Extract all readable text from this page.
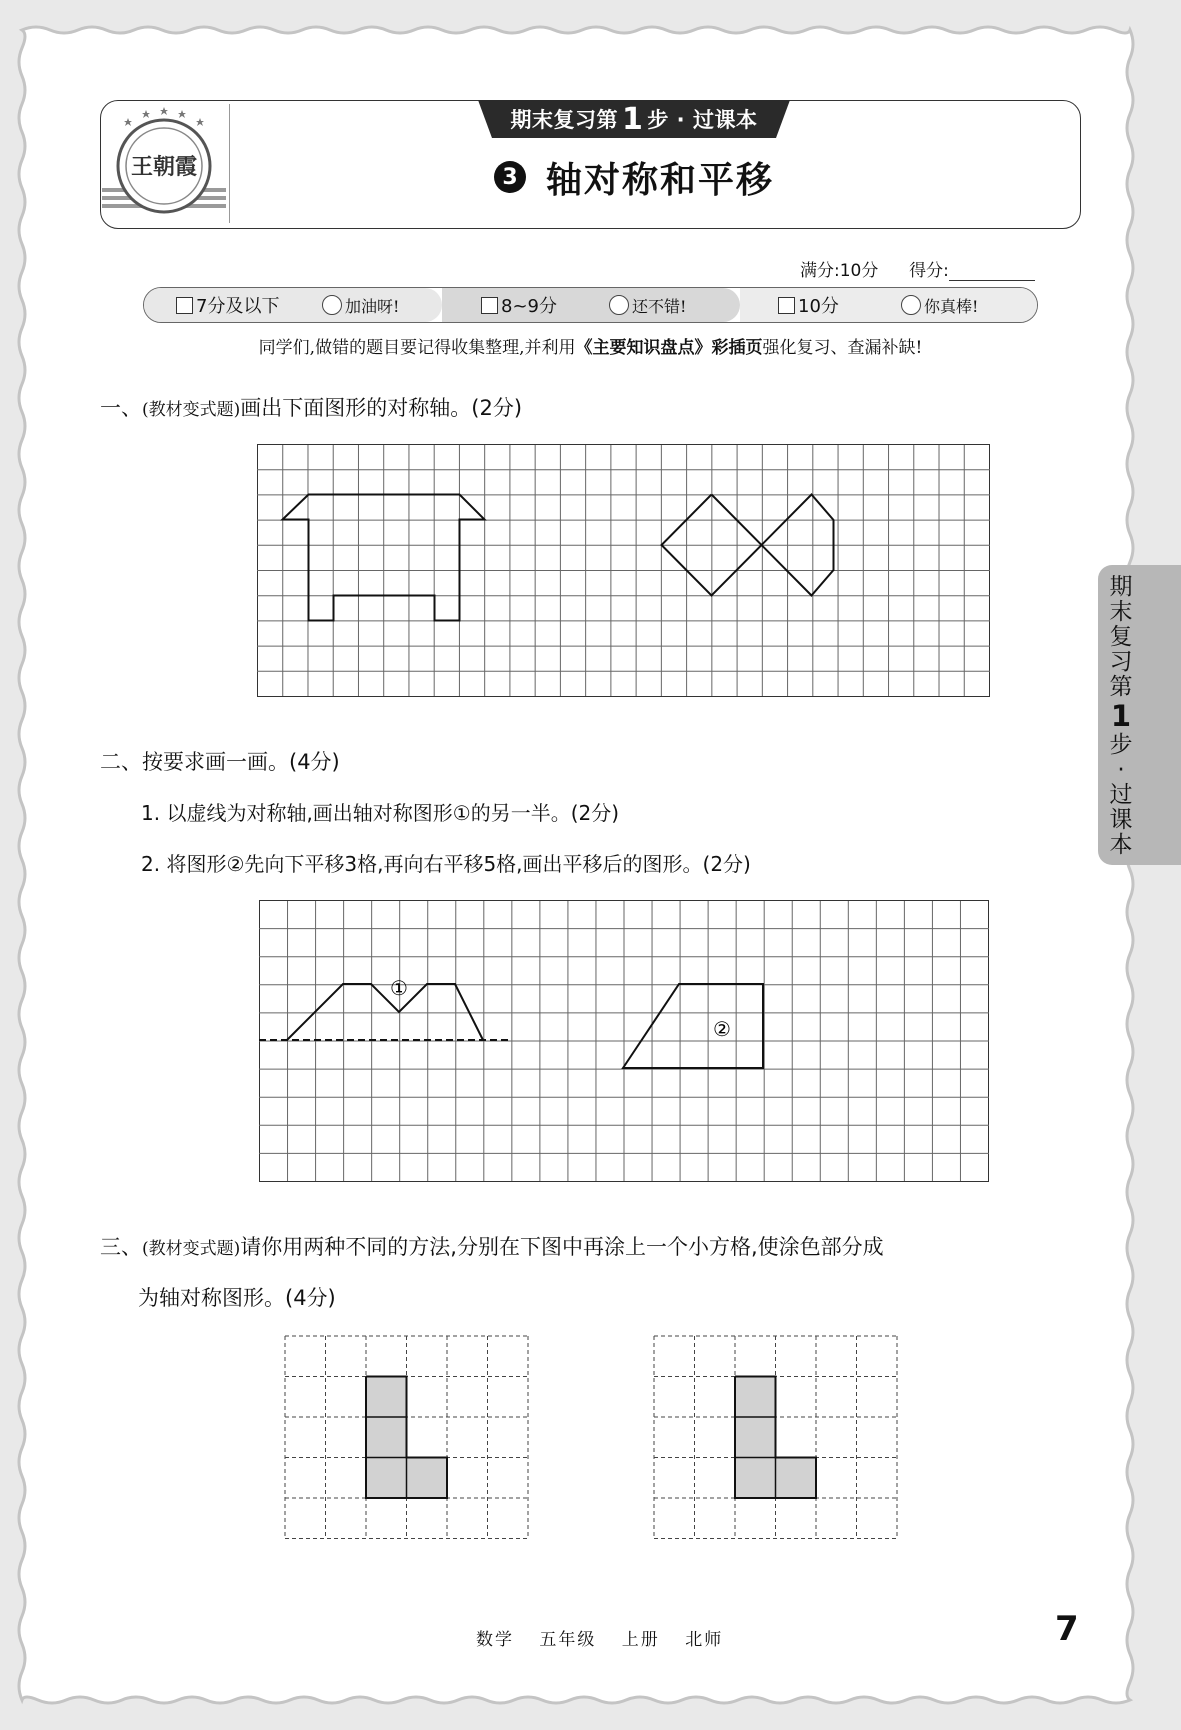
王朝霞
期末复习第 1 步 · 过课本
3 轴对称和平移
满分:10分 得分:
7分及以下	加油呀!	8~9分	还不错!	10分	你真棒!
同学们,做错的题目要记得收集整理,并利用《主要知识盘点》彩插页强化复习、查漏补缺!
一、(教材变式题)画出下面图形的对称轴。(2分)
二、按要求画一画。(4分)
1. 以虚线为对称轴,画出轴对称图形①的另一半。(2分)
2. 将图形②先向下平移3格,再向右平移5格,画出平移后的图形。(2分)
①
②
三、(教材变式题)请你用两种不同的方法,分别在下图中再涂上一个小方格,使涂色部分成
为轴对称图形。(4分)
期
末
复
习
第
1
步
·
过
课
本
数学 五年级 上册 北师	7
